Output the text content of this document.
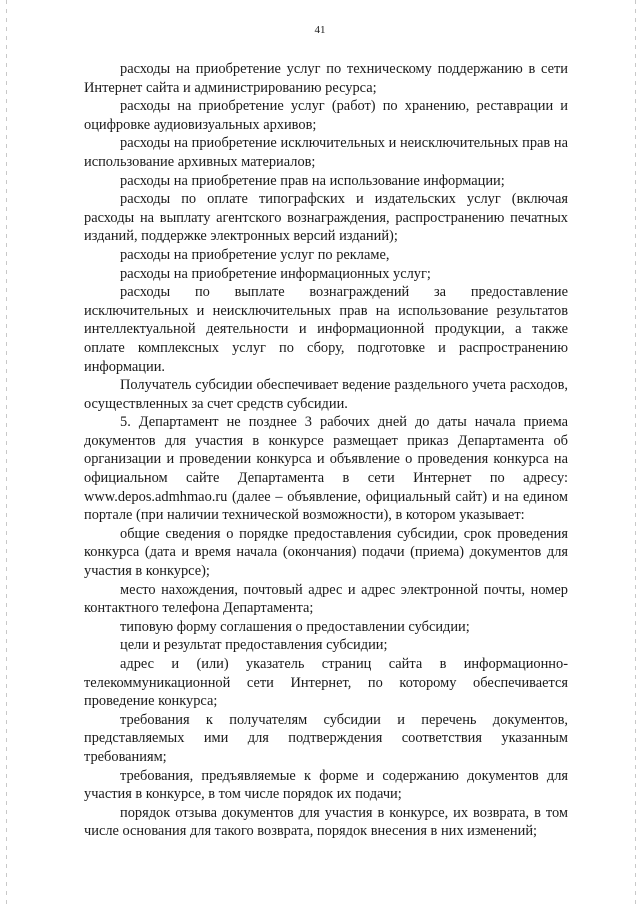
41

расходы на приобретение услуг по техническому поддержанию в сети Интернет сайта и администрированию ресурса;

расходы на приобретение услуг (работ) по хранению, реставрации и оцифровке аудиовизуальных архивов;

расходы на приобретение исключительных и неисключительных прав на использование архивных материалов;

расходы на приобретение прав на использование информации;

расходы по оплате типографских и издательских услуг (включая расходы на выплату агентского вознаграждения, распространению печатных изданий, поддержке электронных версий изданий);

расходы на приобретение услуг по рекламе,

расходы на приобретение информационных услуг;

расходы по выплате вознаграждений за предоставление исключительных и неисключительных прав на использование результатов интеллектуальной деятельности и информационной продукции, а также оплате комплексных услуг по сбору, подготовке и распространению информации.

Получатель субсидии обеспечивает ведение раздельного учета расходов, осуществленных за счет средств субсидии.

5. Департамент не позднее 3 рабочих дней до даты начала приема документов для участия в конкурсе размещает приказ Департамента об организации и проведении конкурса и объявление о проведения конкурса на официальном сайте Департамента в сети Интернет по адресу: www.depos.admhmao.ru (далее – объявление, официальный сайт) и на едином портале (при наличии технической возможности), в котором указывает:

общие сведения о порядке предоставления субсидии, срок проведения конкурса (дата и время начала (окончания) подачи (приема) документов для участия в конкурсе);

место нахождения, почтовый адрес и адрес электронной почты, номер контактного телефона Департамента;

типовую форму соглашения о предоставлении субсидии;

цели и результат предоставления субсидии;

адрес и (или) указатель страниц сайта в информационно-телекоммуникационной сети Интернет, по которому обеспечивается проведение конкурса;

требования к получателям субсидии и перечень документов, представляемых ими для подтверждения соответствия указанным требованиям;

требования, предъявляемые к форме и содержанию документов для участия в конкурсе, в том числе порядок их подачи;

порядок отзыва документов для участия в конкурсе, их возврата, в том числе основания для такого возврата, порядок внесения в них изменений;
